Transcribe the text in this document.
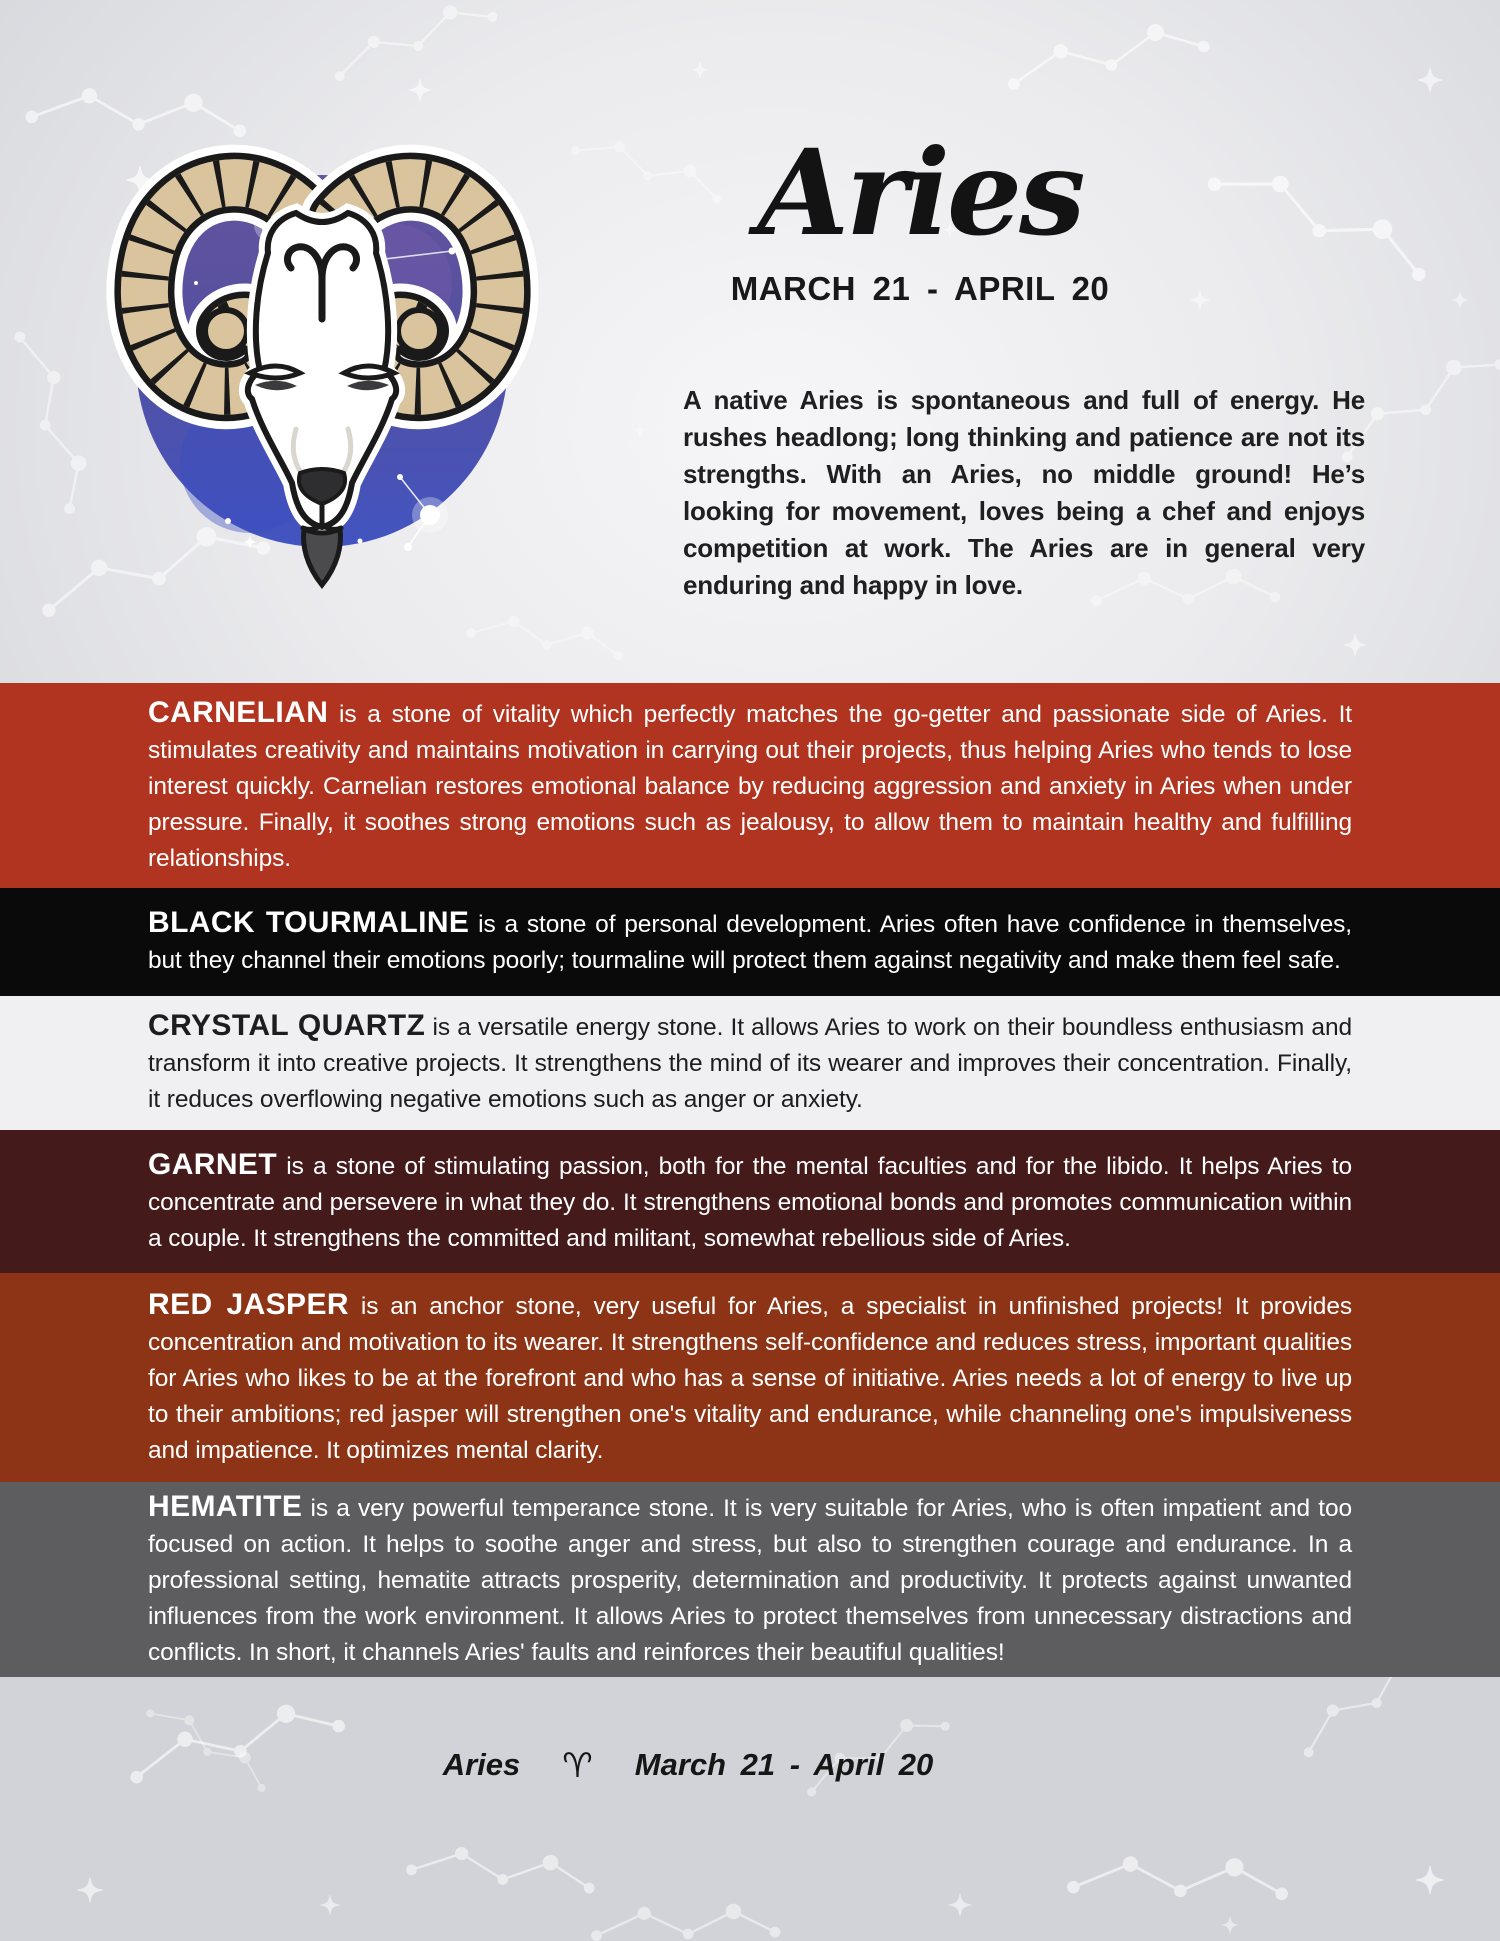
Aries
MARCH 21 - APRIL 20

A native Aries is spontaneous and full of energy. He rushes headlong; long thinking and patience are not its strengths. With an Aries, no middle ground! He’s looking for movement, loves being a chef and enjoys competition at work. The Aries are in general very enduring and happy in love.

CARNELIAN is a stone of vitality which perfectly matches the go-getter and passionate side of Aries. It stimulates creativity and maintains motivation in carrying out their projects, thus helping Aries who tends to lose interest quickly. Carnelian restores emotional balance by reducing aggression and anxiety in Aries when under pressure. Finally, it soothes strong emotions such as jealousy, to allow them to maintain healthy and fulfilling relationships.

BLACK TOURMALINE is a stone of personal development. Aries often have confidence in themselves, but they channel their emotions poorly; tourmaline will protect them against negativity and make them feel safe.

CRYSTAL QUARTZ is a versatile energy stone. It allows Aries to work on their boundless enthusiasm and transform it into creative projects. It strengthens the mind of its wearer and improves their concentration. Finally, it reduces overflowing negative emotions such as anger or anxiety.

GARNET is a stone of stimulating passion, both for the mental faculties and for the libido. It helps Aries to concentrate and persevere in what they do. It strengthens emotional bonds and promotes communication within a couple. It strengthens the committed and militant, somewhat rebellious side of Aries.

RED JASPER is an anchor stone, very useful for Aries, a specialist in unfinished projects! It provides concentration and motivation to its wearer. It strengthens self-confidence and reduces stress, important qualities for Aries who likes to be at the forefront and who has a sense of initiative. Aries needs a lot of energy to live up to their ambitions; red jasper will strengthen one's vitality and endurance, while channeling one's impulsiveness and impatience. It optimizes mental clarity.

HEMATITE is a very powerful temperance stone. It is very suitable for Aries, who is often impatient and too focused on action. It helps to soothe anger and stress, but also to strengthen courage and endurance. In a professional setting, hematite attracts prosperity, determination and productivity. It protects against unwanted influences from the work environment. It allows Aries to protect themselves from unnecessary distractions and conflicts. In short, it channels Aries' faults and reinforces their beautiful qualities!

Aries ♈ March 21 - April 20
